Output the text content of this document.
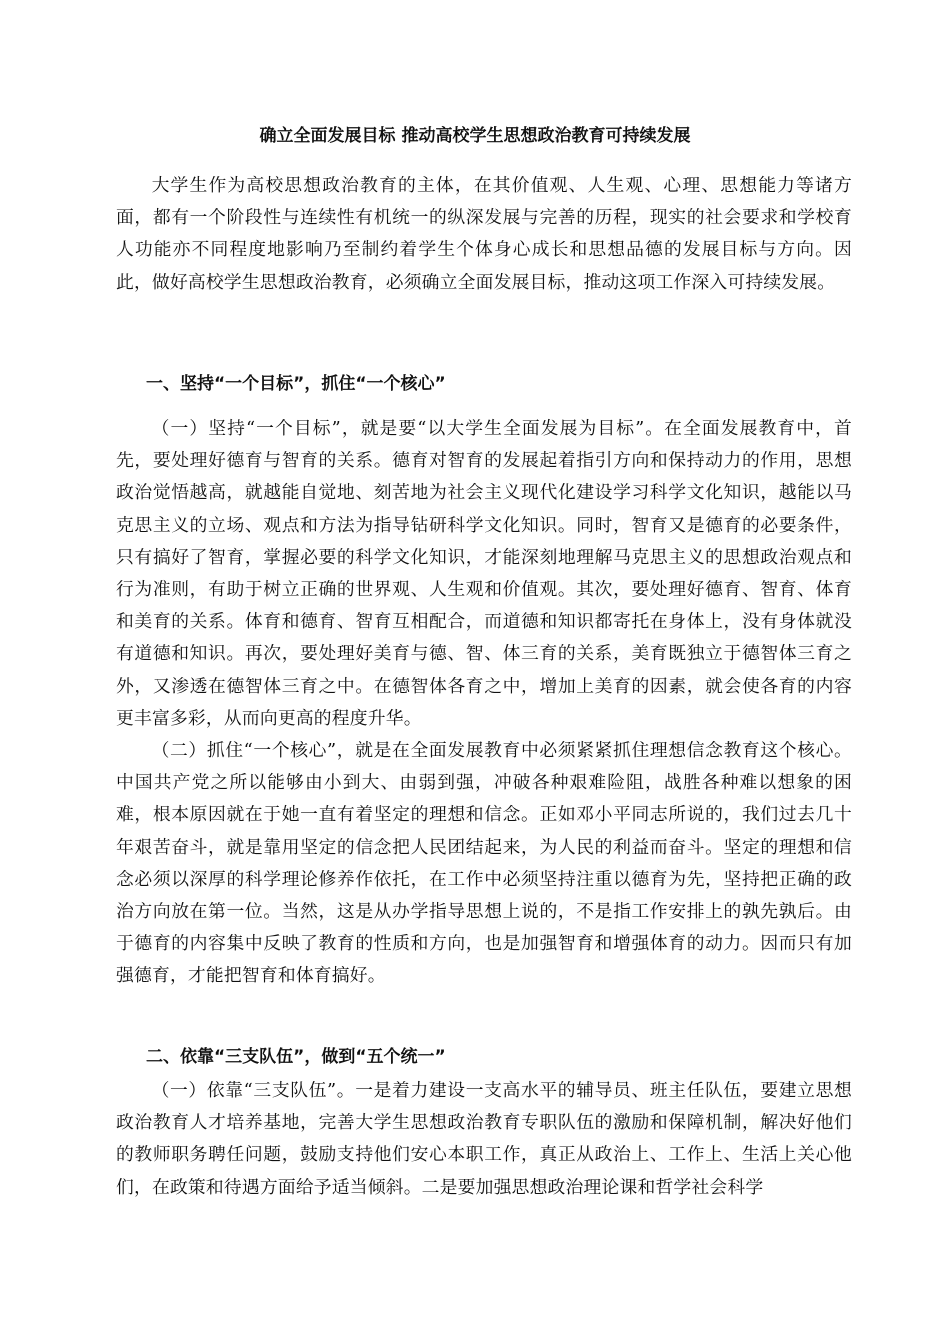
确立全面发展目标 推动高校学生思想政治教育可持续发展

大学生作为高校思想政治教育的主体，在其价值观、人生观、心理、思想能力等诸方面，都有一个阶段性与连续性有机统一的纵深发展与完善的历程，现实的社会要求和学校育人功能亦不同程度地影响乃至制约着学生个体身心成长和思想品德的发展目标与方向。因此，做好高校学生思想政治教育，必须确立全面发展目标，推动这项工作深入可持续发展。

一、坚持“一个目标”，抓住“一个核心”

（一）坚持“一个目标”，就是要“以大学生全面发展为目标”。在全面发展教育中，首先，要处理好德育与智育的关系。德育对智育的发展起着指引方向和保持动力的作用，思想政治觉悟越高，就越能自觉地、刻苦地为社会主义现代化建设学习科学文化知识，越能以马克思主义的立场、观点和方法为指导钻研科学文化知识。同时，智育又是德育的必要条件，只有搞好了智育，掌握必要的科学文化知识，才能深刻地理解马克思主义的思想政治观点和行为准则，有助于树立正确的世界观、人生观和价值观。其次，要处理好德育、智育、体育和美育的关系。体育和德育、智育互相配合，而道德和知识都寄托在身体上，没有身体就没有道德和知识。再次，要处理好美育与德、智、体三育的关系，美育既独立于德智体三育之外，又渗透在德智体三育之中。在德智体各育之中，增加上美育的因素，就会使各育的内容更丰富多彩，从而向更高的程度升华。

（二）抓住“一个核心”，就是在全面发展教育中必须紧紧抓住理想信念教育这个核心。中国共产党之所以能够由小到大、由弱到强，冲破各种艰难险阻，战胜各种难以想象的困难，根本原因就在于她一直有着坚定的理想和信念。正如邓小平同志所说的，我们过去几十年艰苦奋斗，就是靠用坚定的信念把人民团结起来，为人民的利益而奋斗。坚定的理想和信念必须以深厚的科学理论修养作依托，在工作中必须坚持注重以德育为先，坚持把正确的政治方向放在第一位。当然，这是从办学指导思想上说的，不是指工作安排上的孰先孰后。由于德育的内容集中反映了教育的性质和方向，也是加强智育和增强体育的动力。因而只有加强德育，才能把智育和体育搞好。

二、依靠“三支队伍”，做到“五个统一”

（一）依靠“三支队伍”。一是着力建设一支高水平的辅导员、班主任队伍，要建立思想政治教育人才培养基地，完善大学生思想政治教育专职队伍的激励和保障机制，解决好他们的教师职务聘任问题，鼓励支持他们安心本职工作，真正从政治上、工作上、生活上关心他们，在政策和待遇方面给予适当倾斜。二是要加强思想政治理论课和哲学社会科学
